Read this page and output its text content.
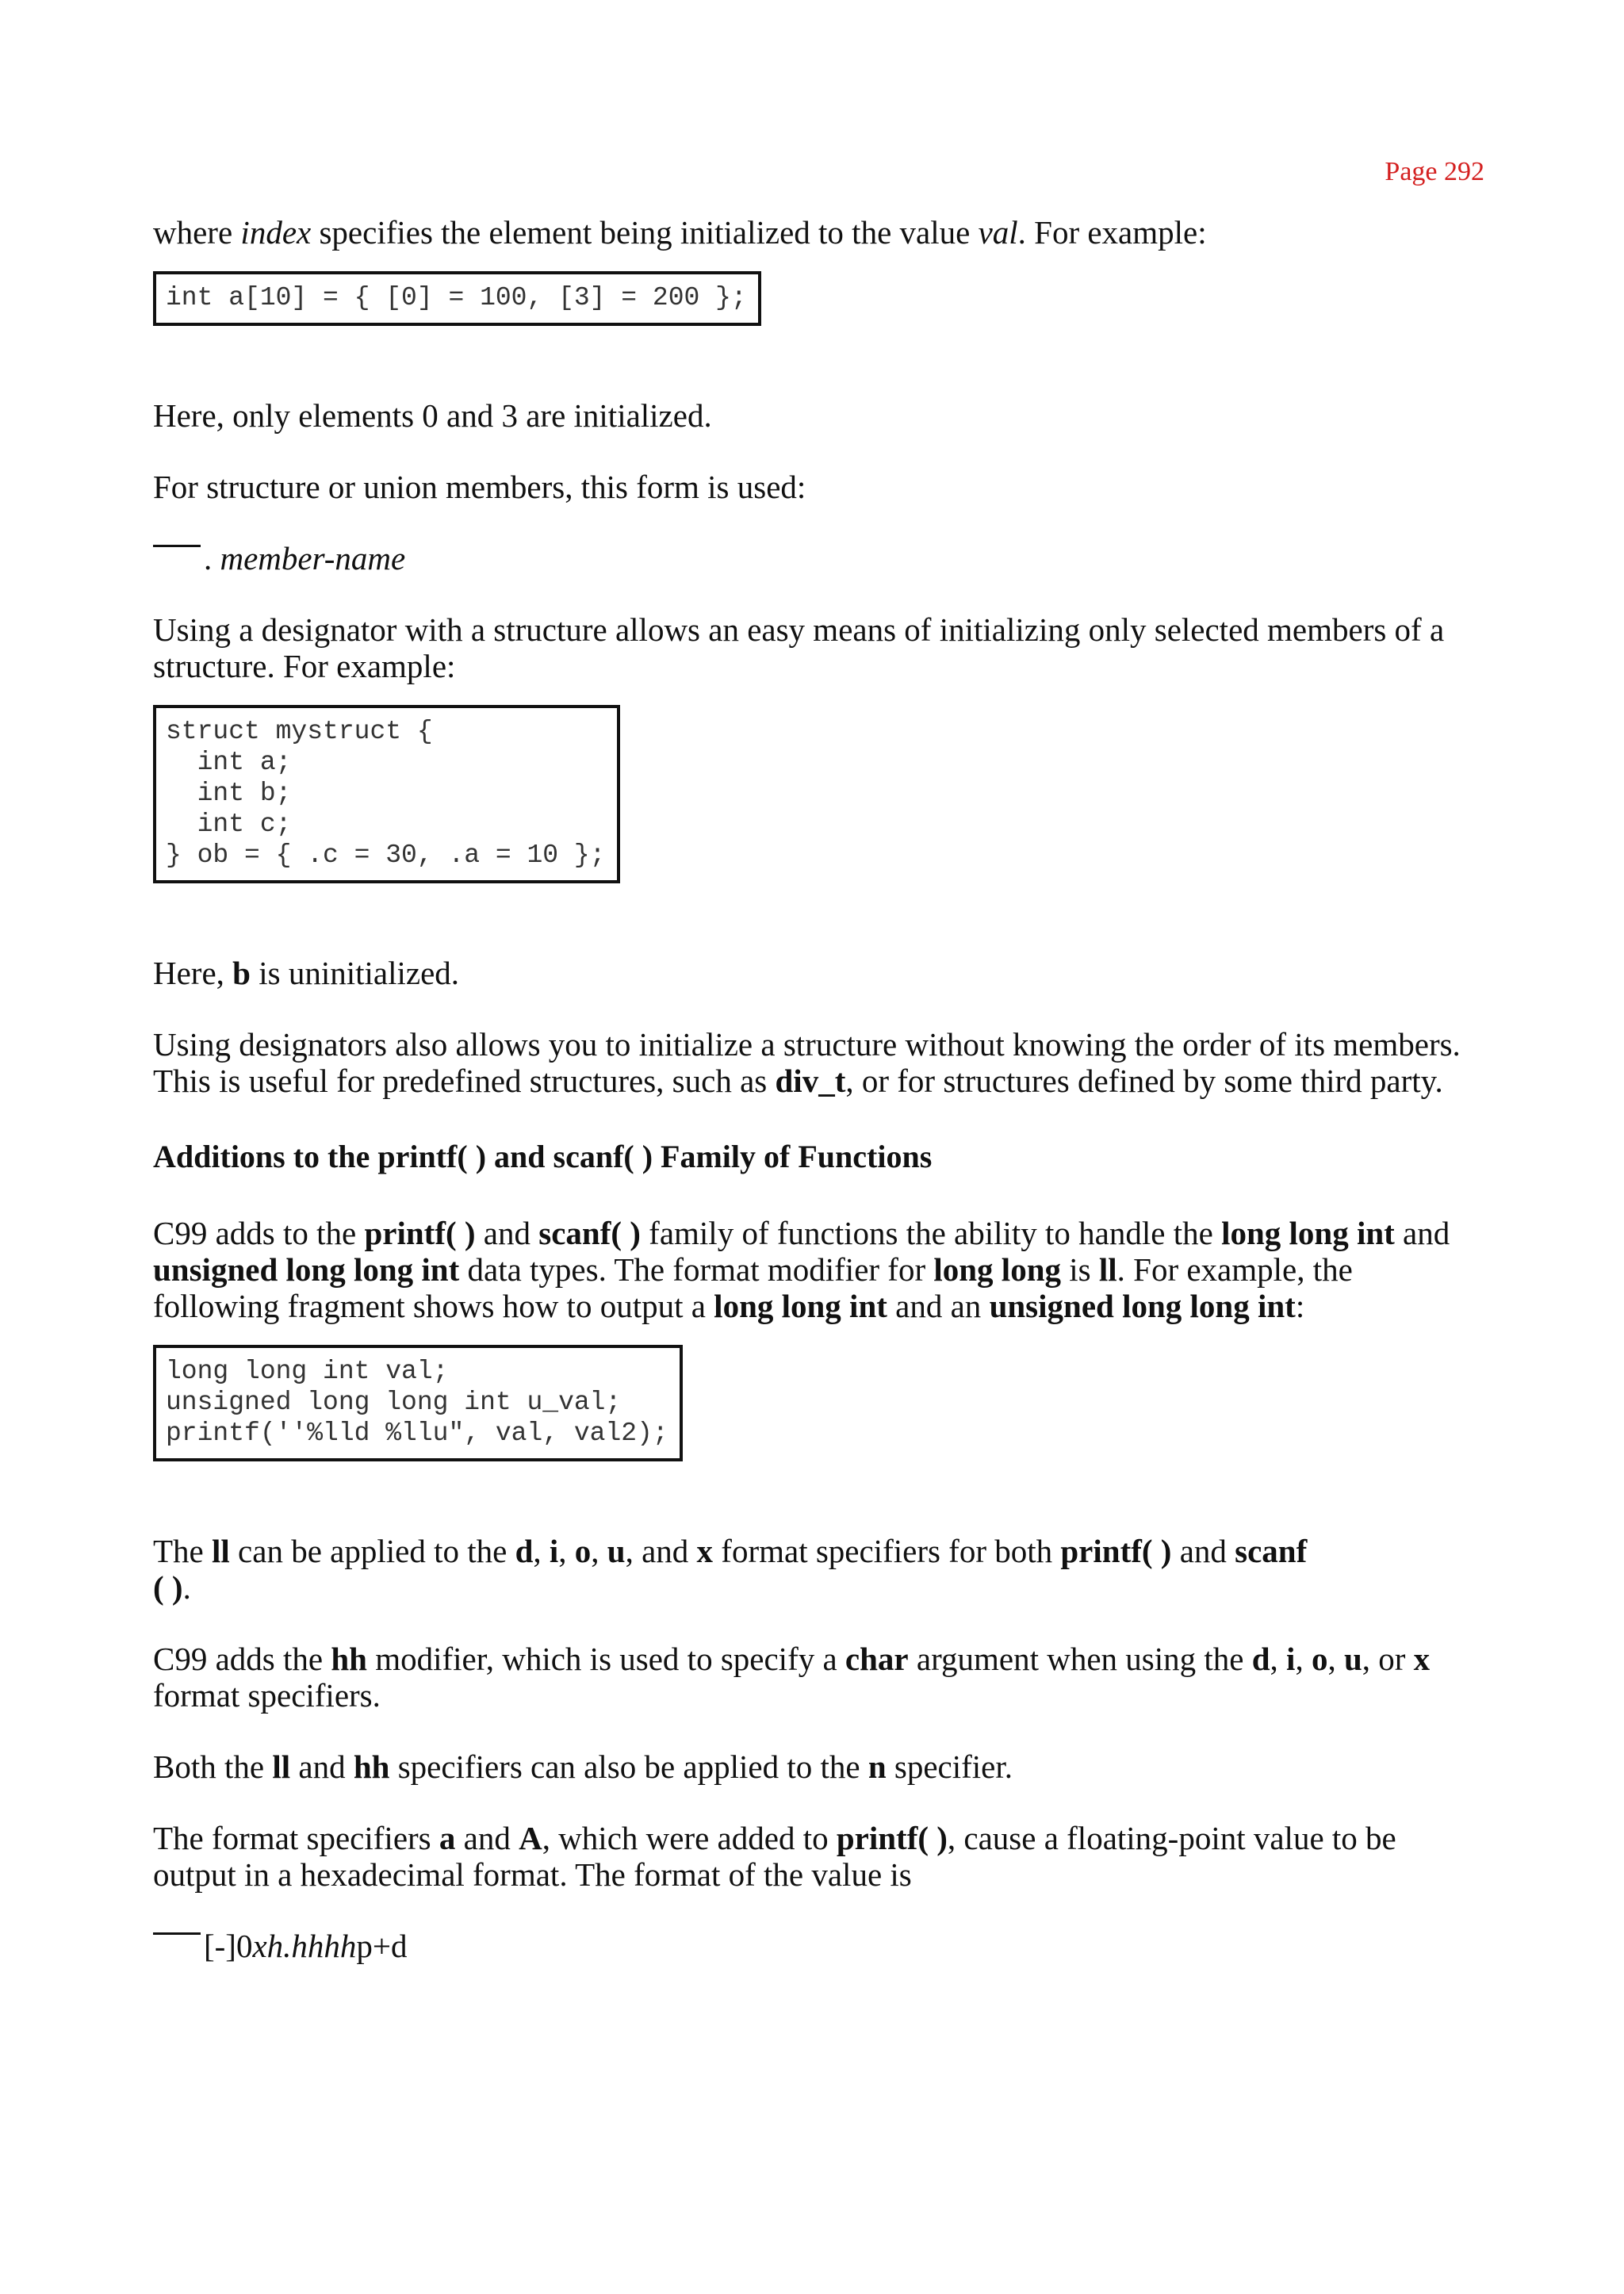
Page 292

where index specifies the element being initialized to the value val. For example:

int a[10] = { [0] = 100, [3] = 200 };

Here, only elements 0 and 3 are initialized.

For structure or union members, this form is used:

. member-name

Using a designator with a structure allows an easy means of initializing only selected members of a structure. For example:

struct mystruct {
int a;
int b;
int c;
} ob = { .c = 30, .a = 10 };

Here, b is uninitialized.

Using designators also allows you to initialize a structure without knowing the order of its members. This is useful for predefined structures, such as div_t, or for structures defined by some third party.

Additions to the printf( ) and scanf( ) Family of Functions

C99 adds to the printf( ) and scanf( ) family of functions the ability to handle the long long int and unsigned long long int data types. The format modifier for long long is ll. For example, the following fragment shows how to output a long long int and an unsigned long long int:

long long int val;
unsigned long long int u_val;
printf(''%lld %llu", val, val2);

The ll can be applied to the d, i, o, u, and x format specifiers for both printf( ) and scanf
( ).

C99 adds the hh modifier, which is used to specify a char argument when using the d, i, o, u, or x format specifiers.

Both the ll and hh specifiers can also be applied to the n specifier.

The format specifiers a and A, which were added to printf( ), cause a floating-point value to be output in a hexadecimal format. The format of the value is

[-]0xh.hhhhp+d
